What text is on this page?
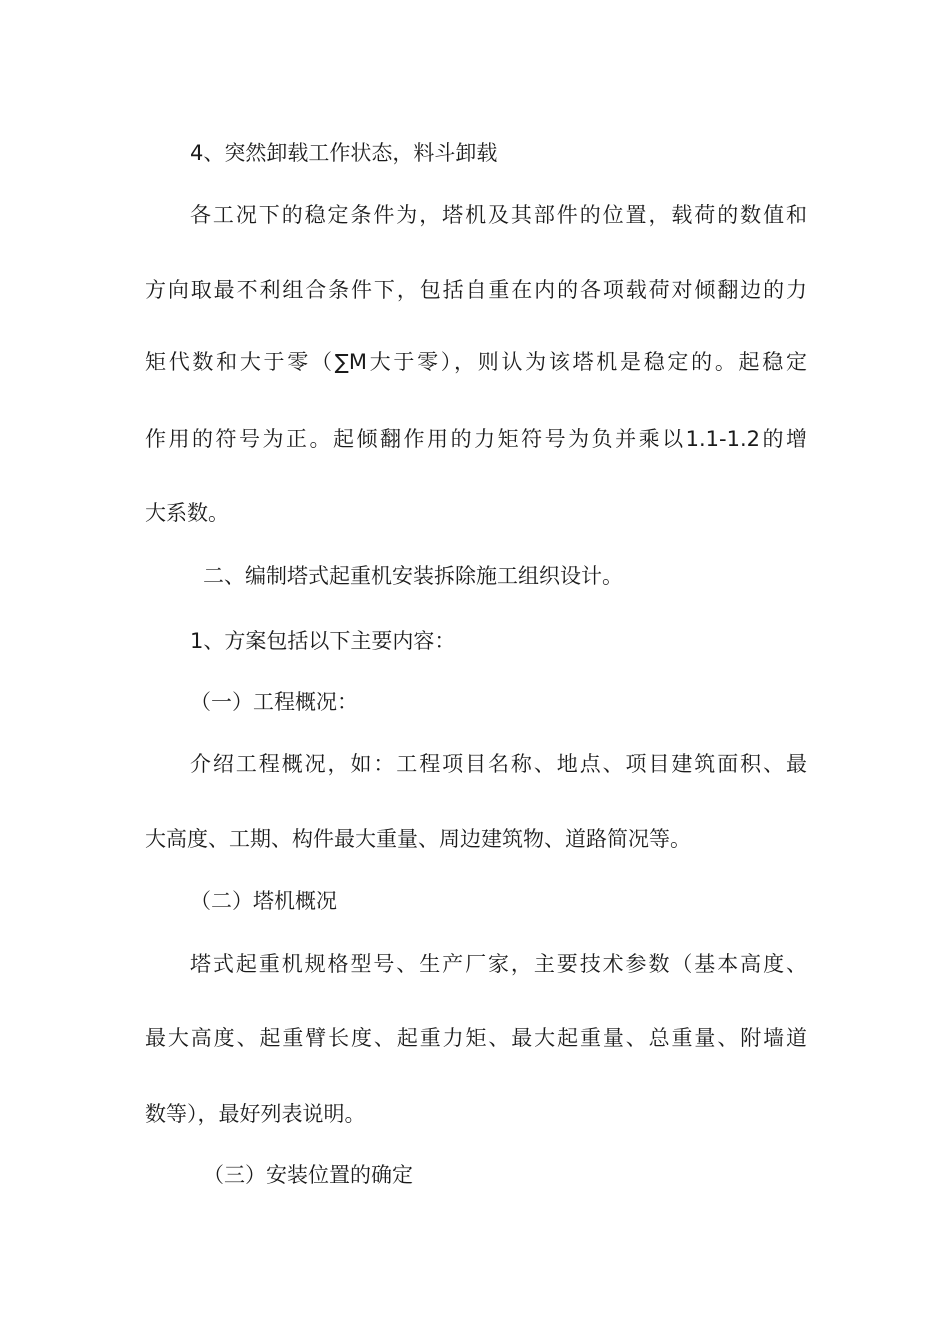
4、突然卸载工作状态，料斗卸载

各工况下的稳定条件为，塔机及其部件的位置，载荷的数值和

方向取最不利组合条件下，包括自重在内的各项载荷对倾翻边的力

矩代数和大于零（∑M大于零），则认为该塔机是稳定的。起稳定

作用的符号为正。起倾翻作用的力矩符号为负并乘以1.1-1.2的增

大系数。

二、编制塔式起重机安装拆除施工组织设计。

1、方案包括以下主要内容：

（一）工程概况：

介绍工程概况，如：工程项目名称、地点、项目建筑面积、最

大高度、工期、构件最大重量、周边建筑物、道路简况等。

（二）塔机概况

塔式起重机规格型号、生产厂家，主要技术参数（基本高度、

最大高度、起重臂长度、起重力矩、最大起重量、总重量、附墙道

数等），最好列表说明。

（三）安装位置的确定
